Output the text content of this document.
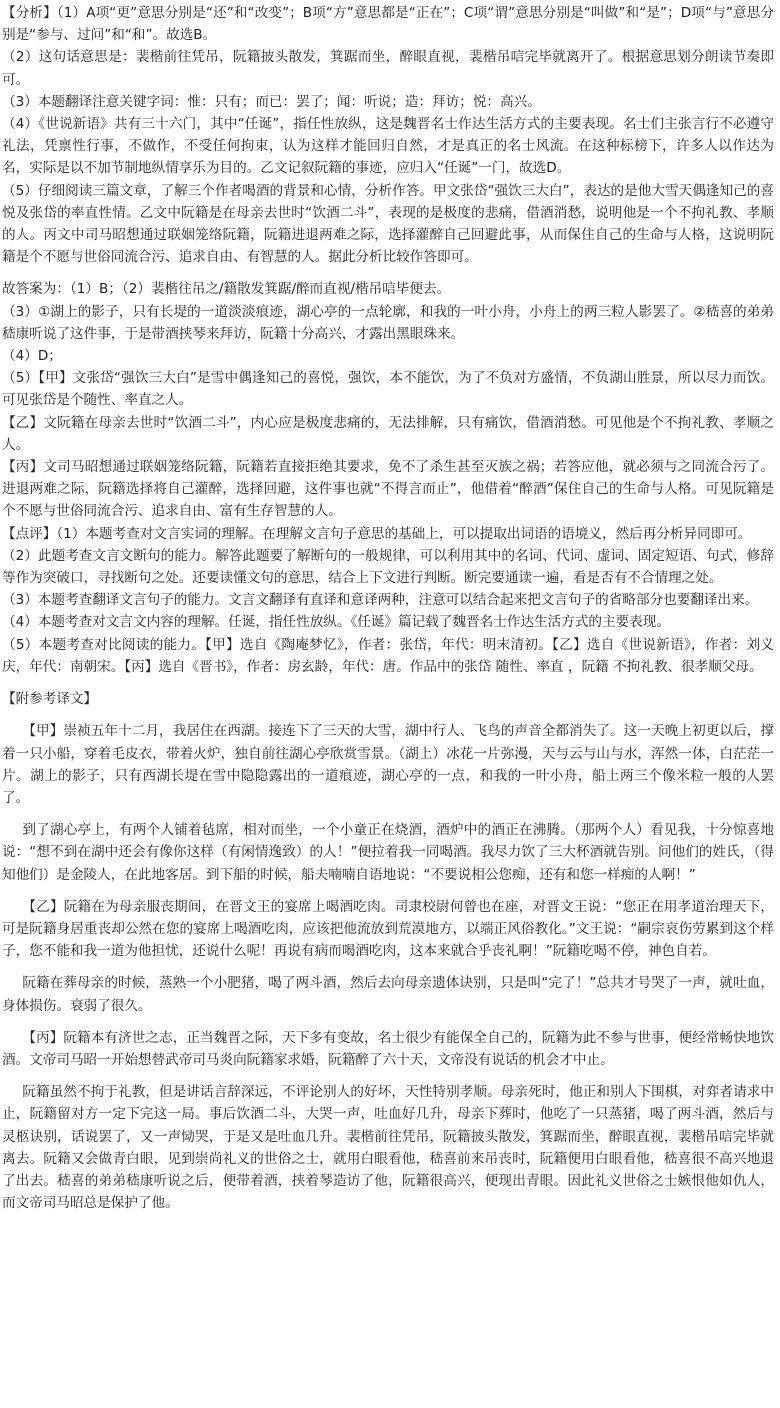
【分析】（1）A项“更”意思分别是“还”和“改变”；B项“方”意思都是“正在”；C项“谓”意思分别是“叫做”和“是”；D项“与”意思分别是“参与、过问”和“和”。故选B。

（2）这句话意思是：裴楷前往凭吊，阮籍披头散发，箕踞而坐，醉眼直视，裴楷吊唁完毕就离开了。根据意思划分朗读节奏即可。

（3）本题翻译注意关键字词：惟：只有；而已：罢了；闻：听说；造：拜访；悦：高兴。

（4）《世说新语》共有三十六门，其中“任诞”，指任性放纵，这是魏晋名士作达生活方式的主要表现。名士们主张言行不必遵守礼法，凭禀性行事，不做作，不受任何拘束，认为这样才能回归自然，才是真正的名士风流。在这种标榜下，许多人以作达为名，实际是以不加节制地纵情享乐为目的。乙文记叙阮籍的事迹，应归入“任诞”一门，故选D。

（5）仔细阅读三篇文章，了解三个作者喝酒的背景和心情，分析作答。甲文张岱“强饮三大白”，表达的是他大雪天偶逢知己的喜悦及张岱的率直性情。乙文中阮籍是在母亲去世时“饮酒二斗”，表现的是极度的悲痛，借酒消愁，说明他是一个不拘礼教、孝顺的人。丙文中司马昭想通过联姻笼络阮籍，阮籍进退两难之际，选择灌醉自己回避此事，从而保住自己的生命与人格，这说明阮籍是个不愿与世俗同流合污、追求自由、有智慧的人。据此分析比较作答即可。

故答案为：（1）B；（2）裴楷往吊之/籍散发箕踞/醉而直视/楷吊唁毕便去。

（3）①湖上的影子，只有长堤的一道淡淡痕迹，湖心亭的一点轮廓，和我的一叶小舟，小舟上的两三粒人影罢了。②嵇喜的弟弟嵇康听说了这件事，于是带酒挟琴来拜访，阮籍十分高兴，才露出黑眼珠来。

（4）D；

（5）【甲】文张岱“强饮三大白”是雪中偶逢知己的喜悦，强饮，本不能饮，为了不负对方盛情，不负湖山胜景，所以尽力而饮。可见张岱是个随性、率直之人。

【乙】文阮籍在母亲去世时“饮酒二斗”，内心应是极度悲痛的，无法排解，只有痛饮，借酒消愁。可见他是个不拘礼教、孝顺之人。

【丙】文司马昭想通过联姻笼络阮籍，阮籍若直接拒绝其要求，免不了杀生甚至灭族之祸；若答应他，就必须与之同流合污了。进退两难之际，阮籍选择将自己灌醉，选择回避，这件事也就“不得言而止”，他借着“醉酒”保住自己的生命与人格。可见阮籍是个不愿与世俗同流合污、追求自由、富有生存智慧的人。

【点评】（1）本题考查对文言实词的理解。在理解文言句子意思的基础上，可以提取出词语的语境义，然后再分析异同即可。

（2）此题考查文言文断句的能力。解答此题要了解断句的一般规律，可以利用其中的名词、代词、虚词、固定短语、句式，修辞等作为突破口，寻找断句之处。还要读懂文句的意思，结合上下文进行判断。断完要通读一遍，看是否有不合情理之处。

（3）本题考查翻译文言句子的能力。文言文翻译有直译和意译两种，注意可以结合起来把文言句子的省略部分也要翻译出来。

（4）本题考查对文言文内容的理解。任诞，指任性放纵。《任诞》篇记载了魏晋名士作达生活方式的主要表现。

（5）本题考查对比阅读的能力。【甲】选自《陶庵梦忆》，作者：张岱，年代：明末清初。【乙】选自《世说新语》，作者：刘义庆，年代：南朝宋。【丙】选自《晋书》，作者：房玄龄，年代：唐。作品中的张岱 随性、率直 ，阮籍 不拘礼教、很孝顺父母。

【附参考译文】

【甲】崇祯五年十二月，我居住在西湖。接连下了三天的大雪，湖中行人、飞鸟的声音全都消失了。这一天晚上初更以后，撑着一只小船，穿着毛皮衣，带着火炉，独自前往湖心亭欣赏雪景。（湖上）冰花一片弥漫，天与云与山与水，浑然一体，白茫茫一片。湖上的影子，只有西湖长堤在雪中隐隐露出的一道痕迹，湖心亭的一点，和我的一叶小舟，船上两三个像米粒一般的人罢了。

到了湖心亭上，有两个人铺着毡席，相对而坐，一个小童正在烧酒，酒炉中的酒正在沸腾。（那两个人）看见我，十分惊喜地说：“想不到在湖中还会有像你这样（有闲情逸致）的人！”便拉着我一同喝酒。我尽力饮了三大杯酒就告别。问他们的姓氏，（得知他们）是金陵人，在此地客居。到下船的时候，船夫喃喃自语地说：“不要说相公您痴，还有和您一样痴的人啊！”

【乙】阮籍在为母亲服丧期间，在晋文王的宴席上喝酒吃肉。司隶校尉何曾也在座，对晋文王说：“您正在用孝道治理天下，可是阮籍身居重丧却公然在您的宴席上喝酒吃肉，应该把他流放到荒漠地方，以端正风俗教化。”文王说：“嗣宗哀伤劳累到这个样子，您不能和我一道为他担忧，还说什么呢！再说有病而喝酒吃肉，这本来就合乎丧礼啊！”阮籍吃喝不停，神色自若。

阮籍在葬母亲的时候，蒸熟一个小肥猪，喝了两斗酒，然后去向母亲遗体诀别，只是叫“完了！”总共才号哭了一声，就吐血，身体损伤。衰弱了很久。

【丙】阮籍本有济世之志，正当魏晋之际，天下多有变故，名士很少有能保全自己的，阮籍为此不参与世事，便经常畅快地饮酒。文帝司马昭一开始想替武帝司马炎向阮籍家求婚，阮籍醉了六十天，文帝没有说话的机会才中止。

阮籍虽然不拘于礼教，但是讲话言辞深远，不评论别人的好坏，天性特别孝顺。母亲死时，他正和别人下围棋，对弈者请求中止，阮籍留对方一定下完这一局。事后饮酒二斗，大哭一声，吐血好几升，母亲下葬时，他吃了一只蒸猪，喝了两斗酒，然后与灵柩诀别，话说罢了，又一声恸哭，于是又是吐血几升。裴楷前往凭吊，阮籍披头散发，箕踞而坐，醉眼直视，裴楷吊唁完毕就离去。阮籍又会做青白眼，见到崇尚礼义的世俗之士，就用白眼看他，嵇喜前来吊丧时，阮籍便用白眼看他，嵇喜很不高兴地退了出去。嵇喜的弟弟嵇康听说之后，便带着酒，挟着琴造访了他，阮籍很高兴，便现出青眼。因此礼义世俗之士嫉恨他如仇人，而文帝司马昭总是保护了他。
